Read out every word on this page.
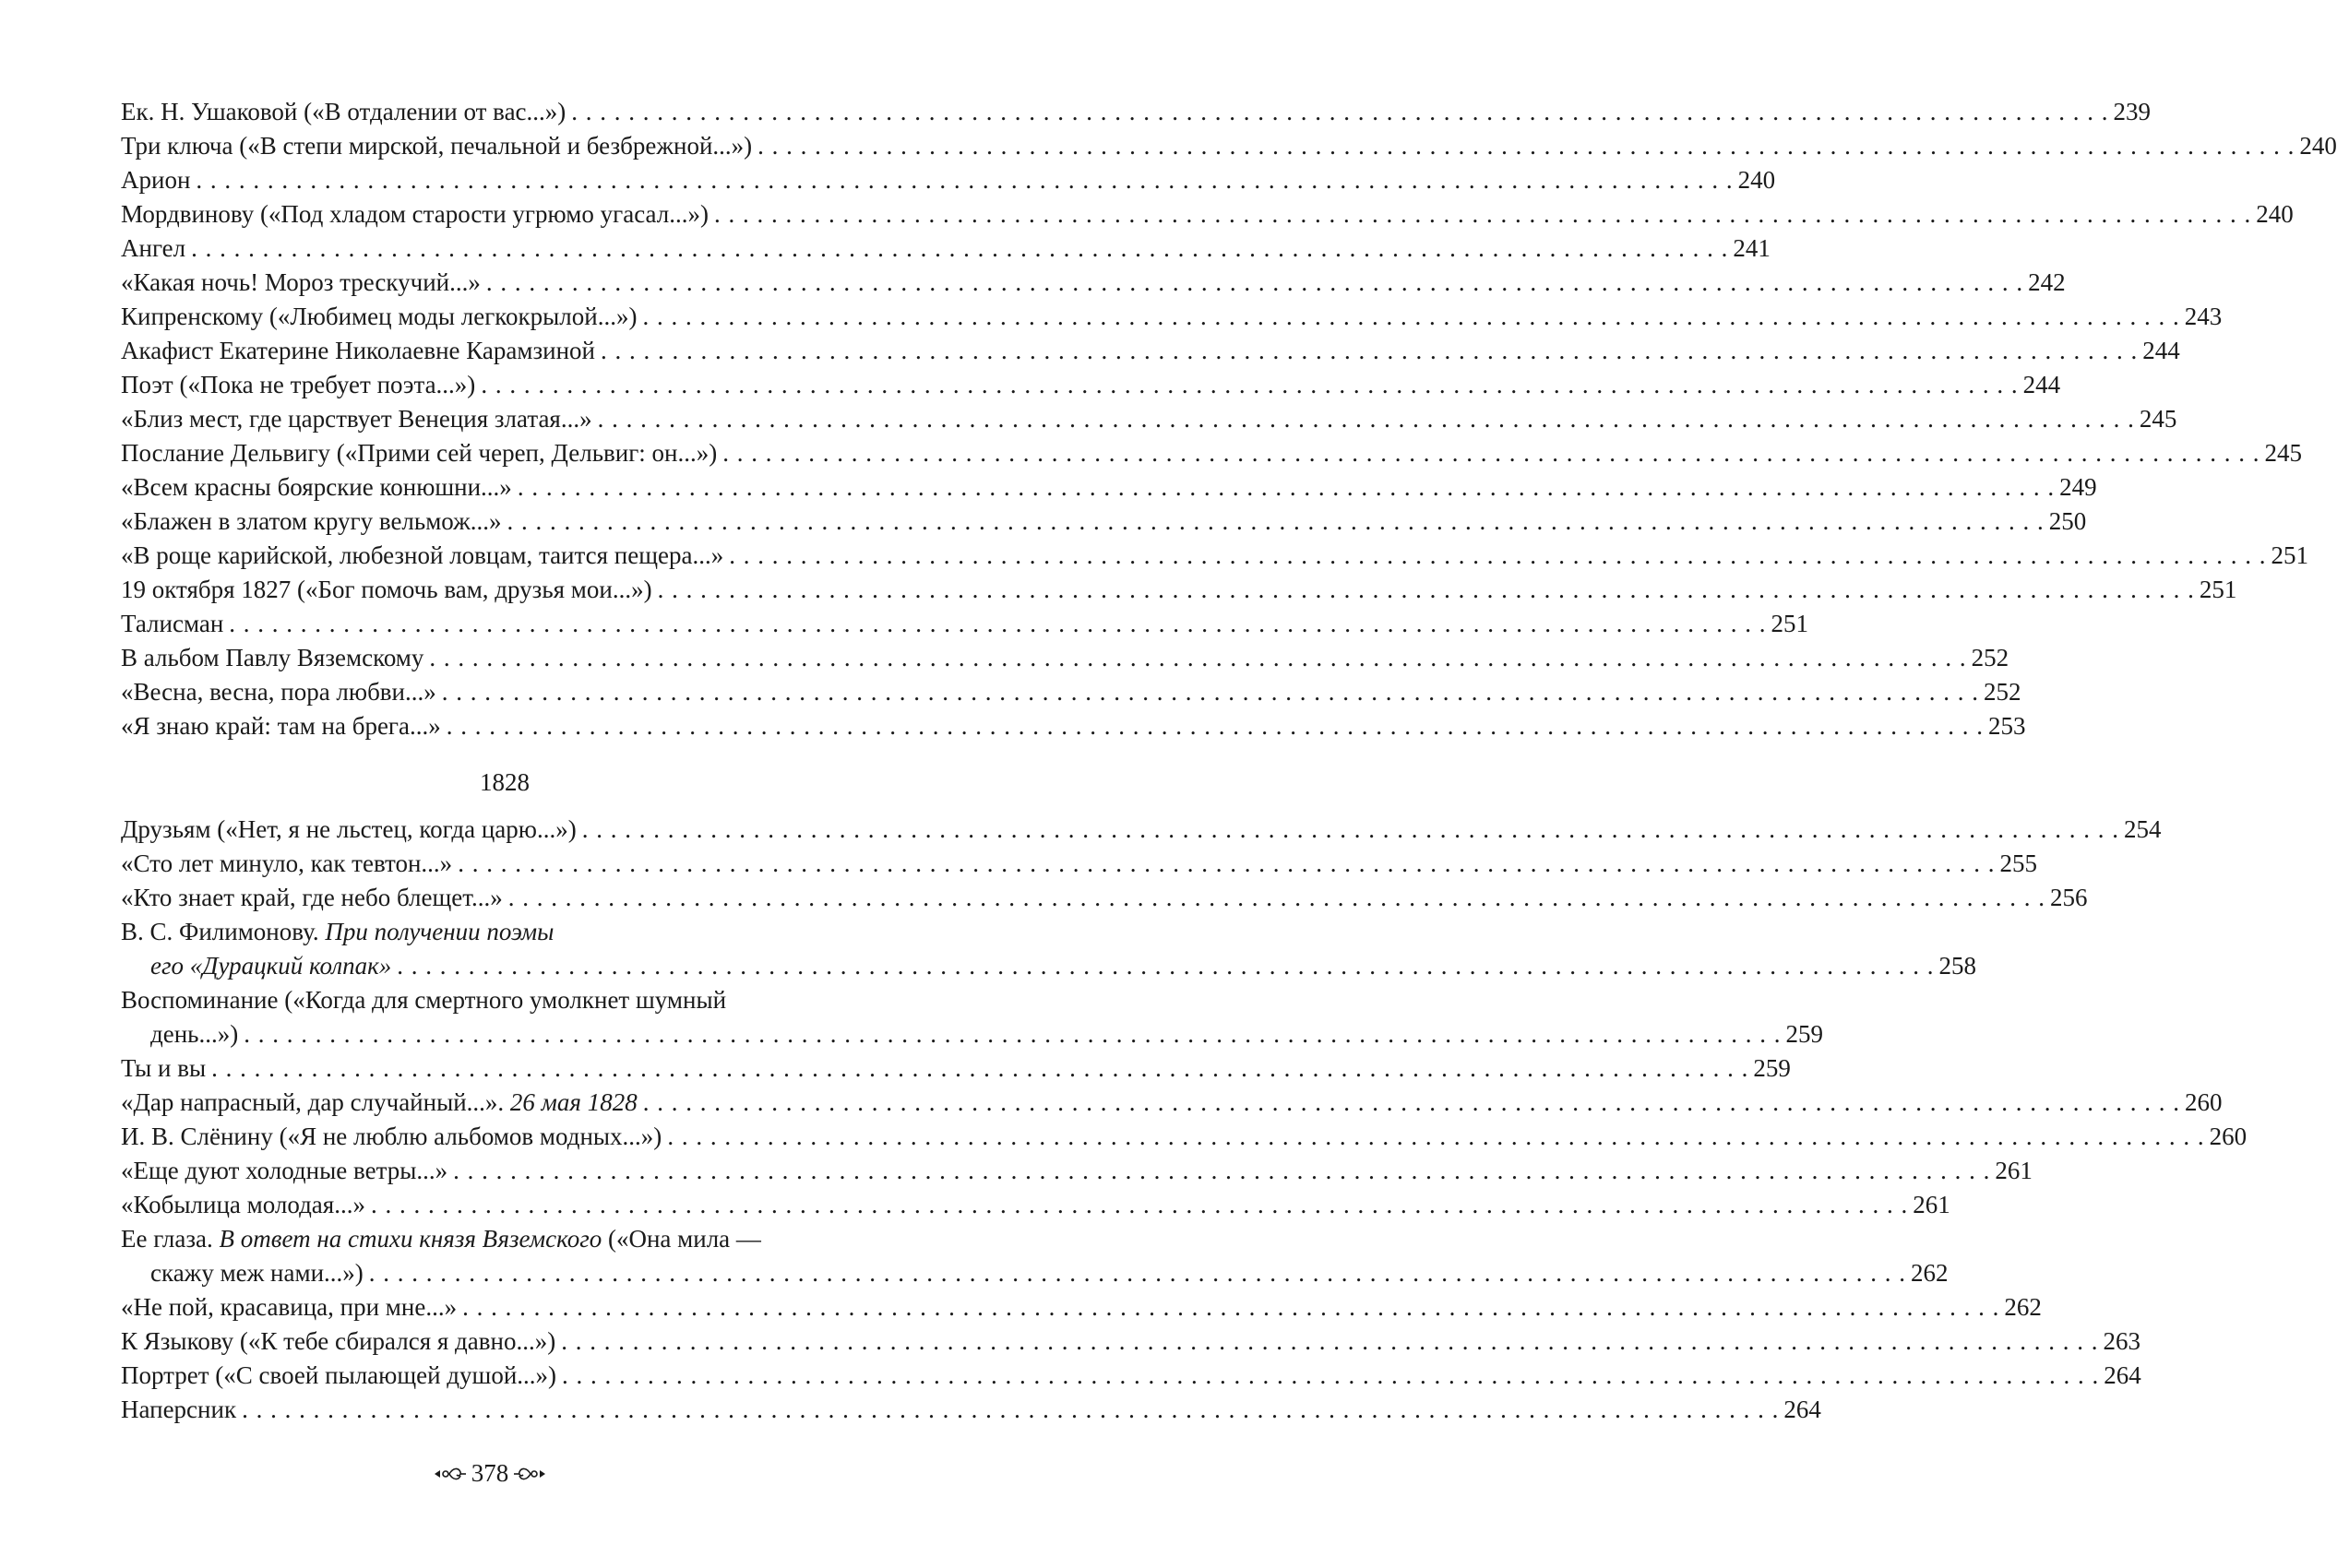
Ек. Н. Ушаковой («В отдалении от вас...») . . .	239
Три ключа («В степи мирской, печальной и безбрежной...») . . .	240
Арион . . .	240
Мордвинову («Под хладом старости угрюмо угасал...») . . .	240
Ангел . . .	241
«Какая ночь! Мороз трескучий...» . . .	242
Кипренскому («Любимец моды легкокрылой...») . . .	243
Акафист Екатерине Николаевне Карамзиной . . .	244
Поэт («Пока не требует поэта...») . . .	244
«Близ мест, где царствует Венеция златая...» . . .	245
Послание Дельвигу («Прими сей череп, Дельвиг: он...») . . .	245
«Всем красны боярские конюшни...» . . .	249
«Блажен в златом кругу вельмож...» . . .	250
«В роще карийской, любезной ловцам, таится пещера...» . . .	251
19 октября 1827 («Бог помочь вам, друзья мои...») . . .	251
Талисман . . .	251
В альбом Павлу Вяземскому . . .	252
«Весна, весна, пора любви...» . . .	252
«Я знаю край: там на брега...» . . .	253
1828
Друзьям («Нет, я не льстец, когда царю...») . . .	254
«Сто лет минуло, как тевтон...» . . .	255
«Кто знает край, где небо блещет...» . . .	256
В. С. Филимонову. При получении поэмы
его «Дурацкий колпак» . . .	258
Воспоминание («Когда для смертного умолкнет шумный
день...») . . .	259
Ты и вы . . .	259
«Дар напрасный, дар случайный...». 26 мая 1828 . . .	260
И. В. Слёнину («Я не люблю альбомов модных...») . . .	260
«Еще дуют холодные ветры...» . . .	261
«Кобылица молодая...» . . .	261
Ее глаза. В ответ на стихи князя Вяземского («Она мила —
скажу меж нами...») . . .	262
«Не пой, красавица, при мне...» . . .	262
К Языкову («К тебе сбирался я давно...») . . .	263
Портрет («С своей пылающей душой...») . . .	264
Наперсник . . .	264
378
